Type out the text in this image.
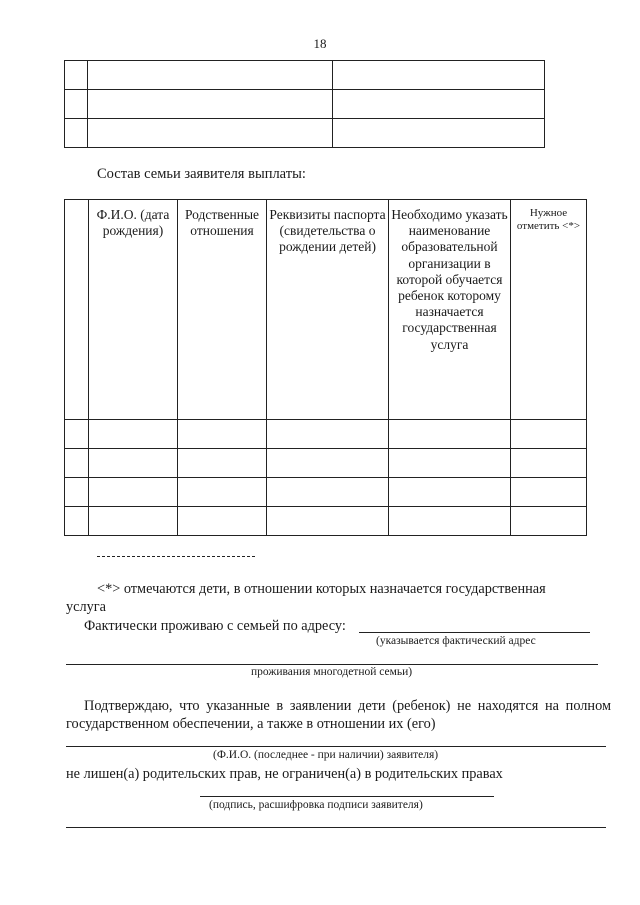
18

Состав семьи заявителя выплаты:
	Ф.И.О. (дата рождения)	Родственные отношения	Реквизиты паспорта (свидетельства о рождении детей)	Необходимо указать наименование образовательной организации в которой обучается ребенок которому назначается государственная услуга	Нужное отметить <*>

<*> отмечаются дети, в отношении которых назначается государственная
услуга
Фактически проживаю с семьей по адресу:
(указывается фактический адрес
проживания многодетной семьи)
Подтверждаю, что указанные в заявлении дети (ребенок) не находятся на полном
государственном обеспечении, а также в отношении их (его)
(Ф.И.О. (последнее - при наличии) заявителя)
не лишен(а) родительских прав, не ограничен(а) в родительских правах
(подпись, расшифровка подписи заявителя)
